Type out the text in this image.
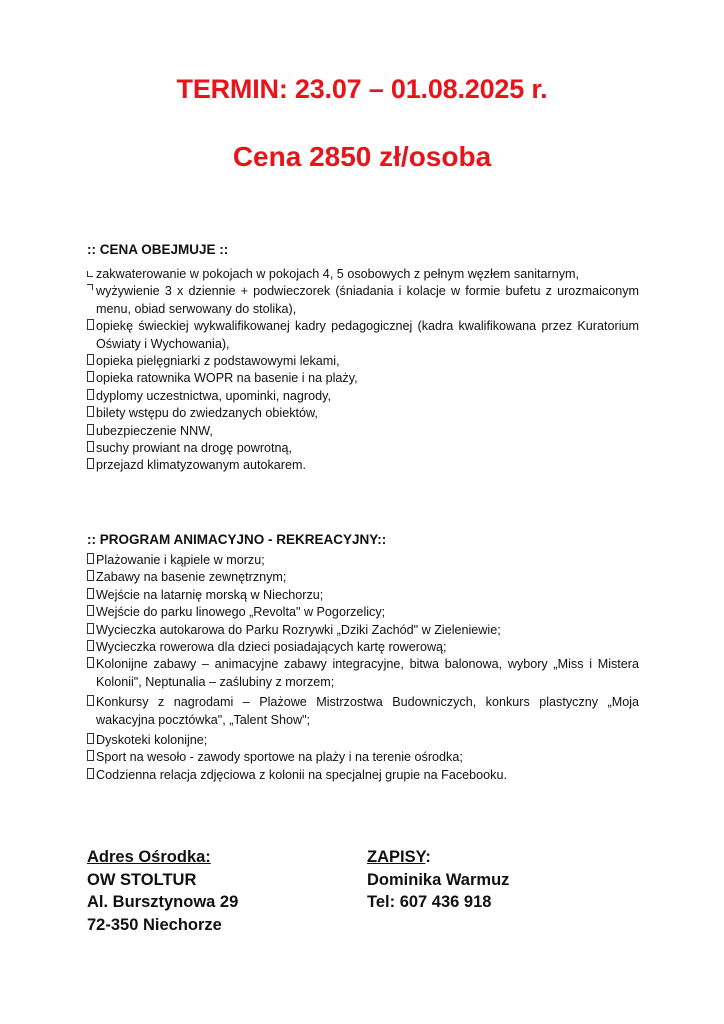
TERMIN: 23.07 – 01.08.2025 r.
Cena 2850 zł/osoba

:: CENA OBEJMUJE ::

zakwaterowanie w pokojach w pokojach 4, 5 osobowych z pełnym węzłem sanitarnym,
wyżywienie 3 x dziennie + podwieczorek (śniadania i kolacje w formie bufetu z urozmaiconym menu, obiad serwowany do stolika),
opiekę świeckiej wykwalifikowanej kadry pedagogicznej (kadra kwalifikowana przez Kuratorium Oświaty i Wychowania),
opieka pielęgniarki z podstawowymi lekami,
opieka ratownika WOPR na basenie i na plaży,
dyplomy uczestnictwa, upominki, nagrody,
bilety wstępu do zwiedzanych obiektów,
ubezpieczenie NNW,
suchy prowiant na drogę powrotną,
przejazd klimatyzowanym autokarem.

:: PROGRAM ANIMACYJNO - REKREACYJNY::

Plażowanie i kąpiele w morzu;
Zabawy na basenie zewnętrznym;
Wejście na latarnię morską w Niechorzu;
Wejście do parku linowego „Revolta" w Pogorzelicy;
Wycieczka autokarowa do Parku Rozrywki „Dziki Zachód" w Zieleniewie;
Wycieczka rowerowa dla dzieci posiadających kartę rowerową;
Kolonijne zabawy – animacyjne zabawy integracyjne, bitwa balonowa, wybory „Miss i Mistera Kolonii", Neptunalia – zaślubiny z morzem;
Konkursy z nagrodami – Plażowe Mistrzostwa Budowniczych, konkurs plastyczny „Moja wakacyjna pocztówka", „Talent Show";
Dyskoteki kolonijne;
Sport na wesoło - zawody sportowe na plaży i na terenie ośrodka;
Codzienna relacja zdjęciowa z kolonii na specjalnej grupie na Facebooku.
Adres Ośrodka:
OW STOLTUR
Al. Bursztynowa 29
72-350 Niechorze
ZAPISY:
Dominika Warmuz
Tel: 607 436 918
